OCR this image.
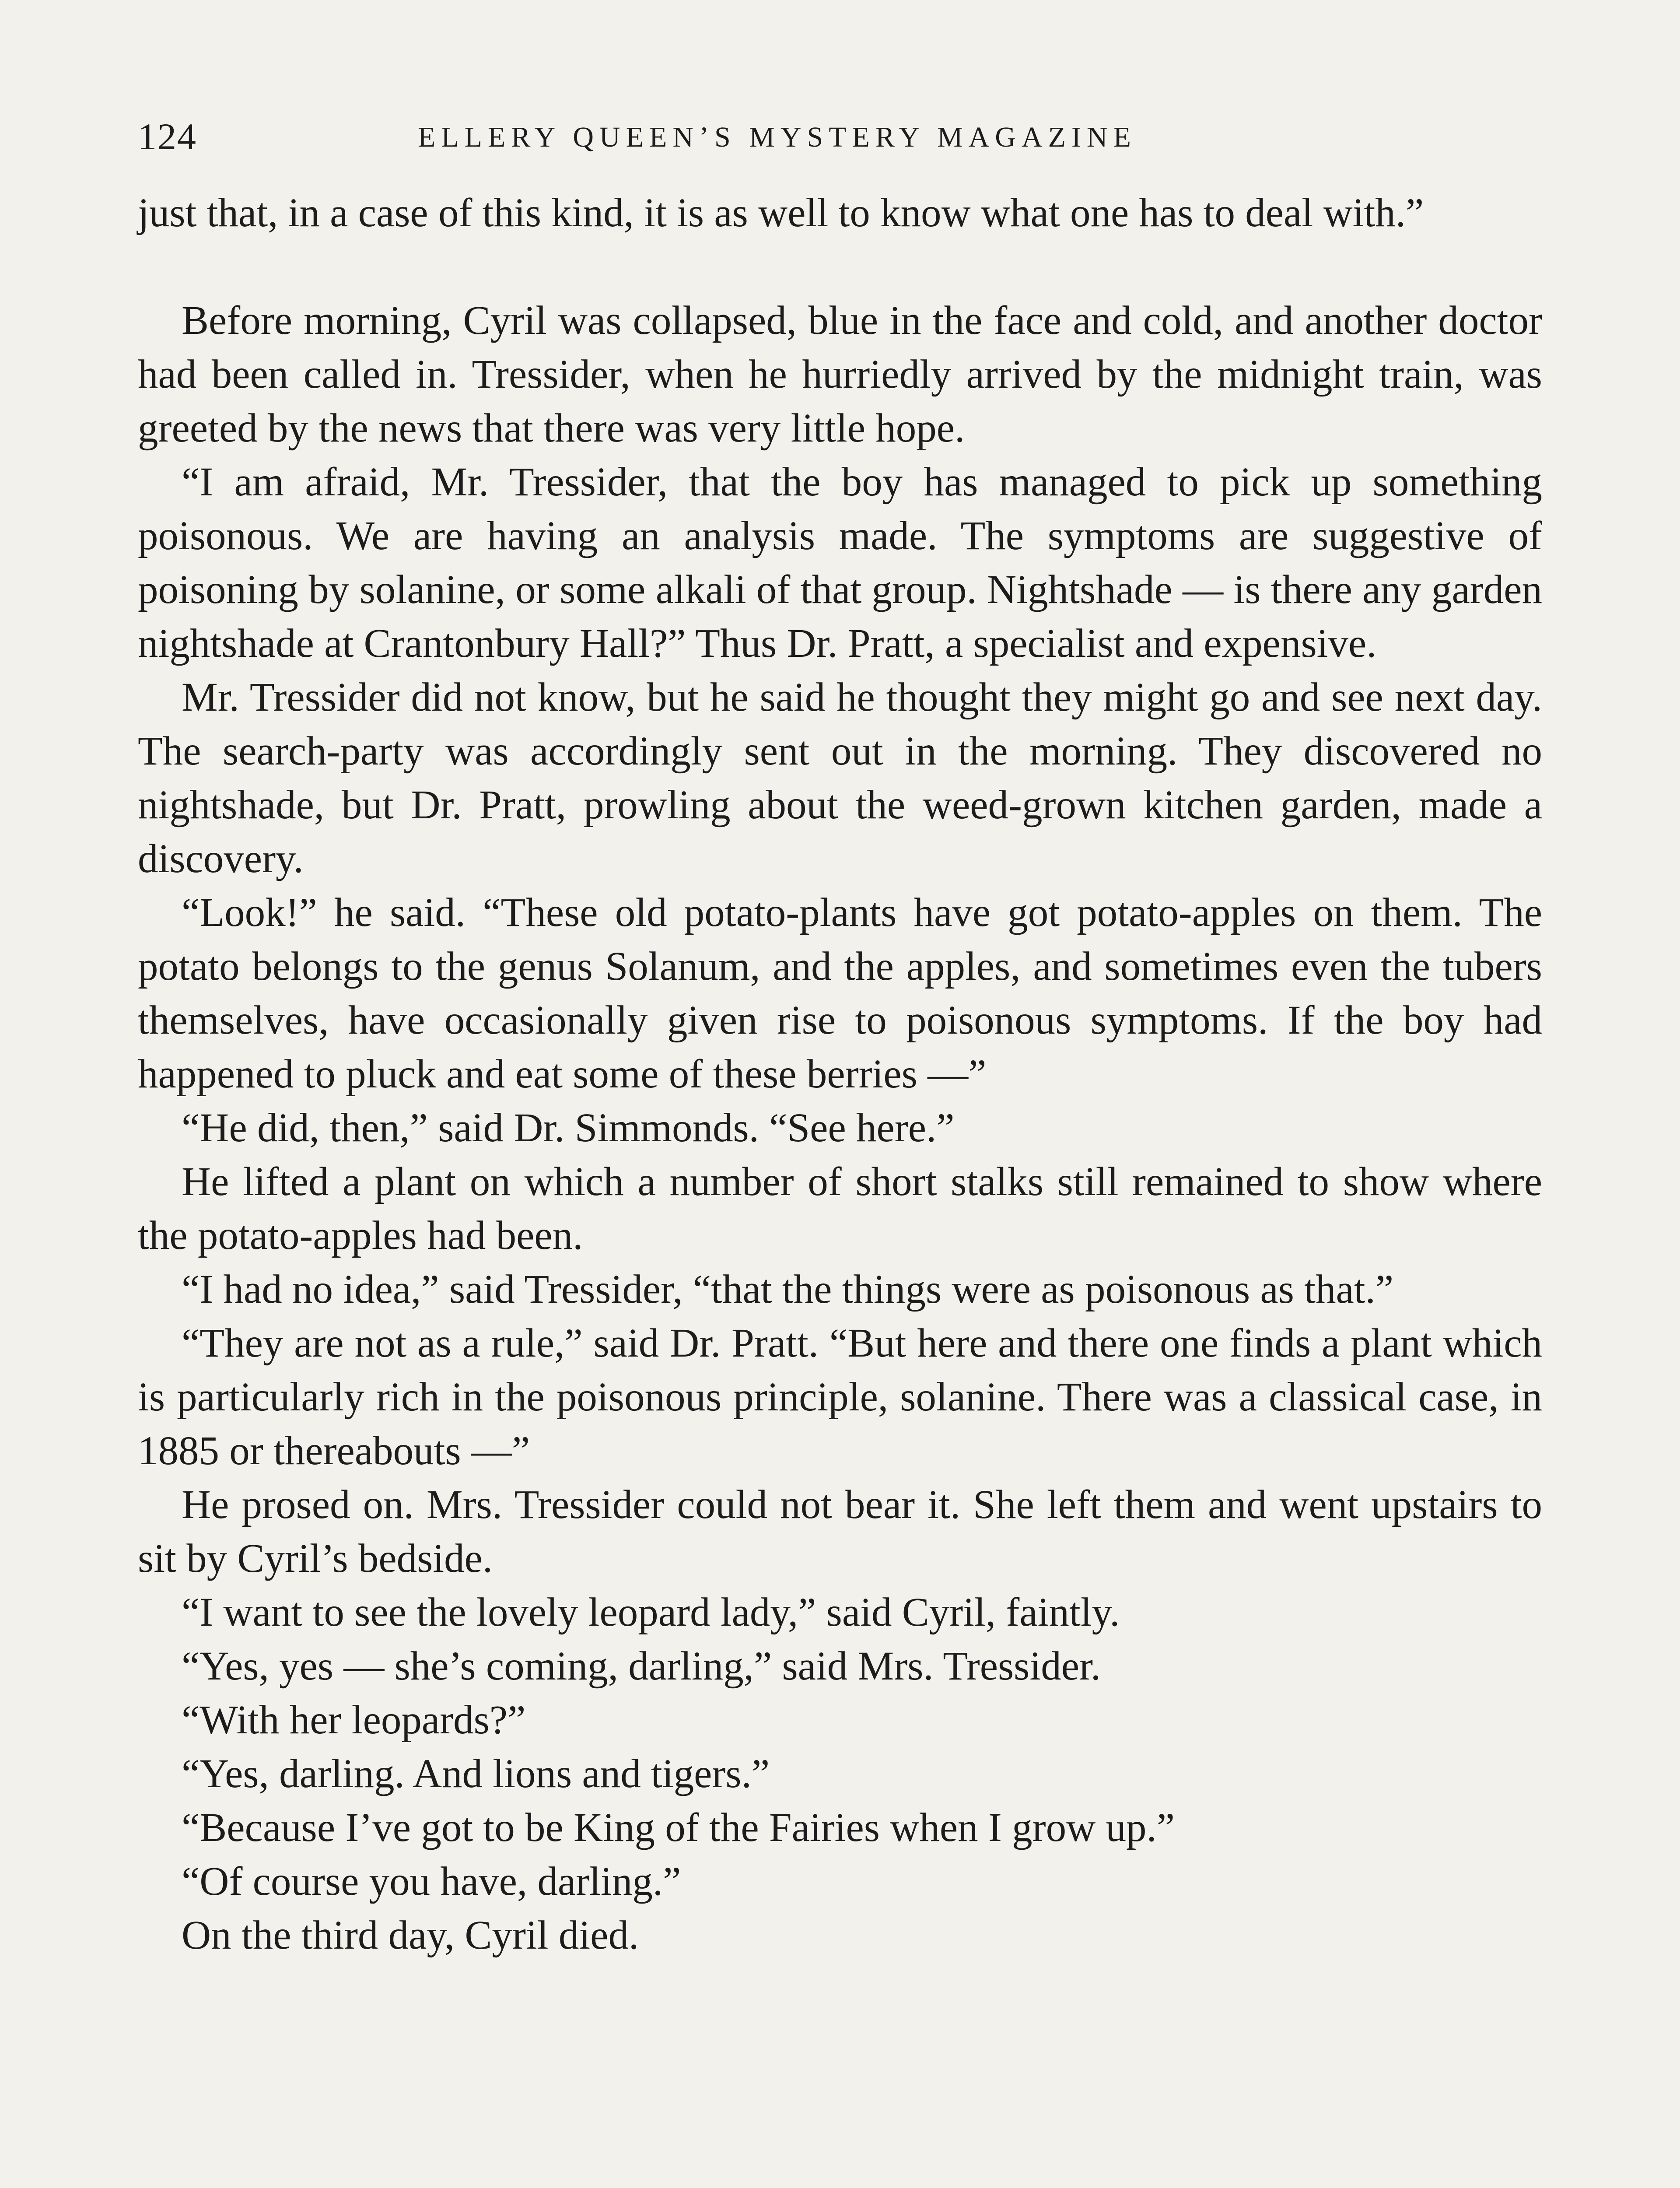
124	ELLERY QUEEN’S MYSTERY MAGAZINE

just that, in a case of this kind, it is as well to know what one has to deal with.”

Before morning, Cyril was collapsed, blue in the face and cold, and another doctor had been called in. Tressider, when he hurriedly arrived by the midnight train, was greeted by the news that there was very little hope.

“I am afraid, Mr. Tressider, that the boy has managed to pick up something poisonous. We are having an analysis made. The symptoms are suggestive of poisoning by solanine, or some alkali of that group. Nightshade — is there any garden nightshade at Crantonbury Hall?” Thus Dr. Pratt, a specialist and expensive.

Mr. Tressider did not know, but he said he thought they might go and see next day. The search-party was accordingly sent out in the morning. They discovered no nightshade, but Dr. Pratt, prowling about the weed-grown kitchen garden, made a discovery.

“Look!” he said. “These old potato-plants have got potato-apples on them. The potato belongs to the genus Solanum, and the apples, and sometimes even the tubers themselves, have occasionally given rise to poisonous symptoms. If the boy had happened to pluck and eat some of these berries —”

“He did, then,” said Dr. Simmonds. “See here.”

He lifted a plant on which a number of short stalks still remained to show where the potato-apples had been.

“I had no idea,” said Tressider, “that the things were as poisonous as that.”

“They are not as a rule,” said Dr. Pratt. “But here and there one finds a plant which is particularly rich in the poisonous principle, solanine. There was a classical case, in 1885 or thereabouts —”

He prosed on. Mrs. Tressider could not bear it. She left them and went upstairs to sit by Cyril’s bedside.

“I want to see the lovely leopard lady,” said Cyril, faintly.

“Yes, yes — she’s coming, darling,” said Mrs. Tressider.

“With her leopards?”

“Yes, darling. And lions and tigers.”

“Because I’ve got to be King of the Fairies when I grow up.”

“Of course you have, darling.”

On the third day, Cyril died.
